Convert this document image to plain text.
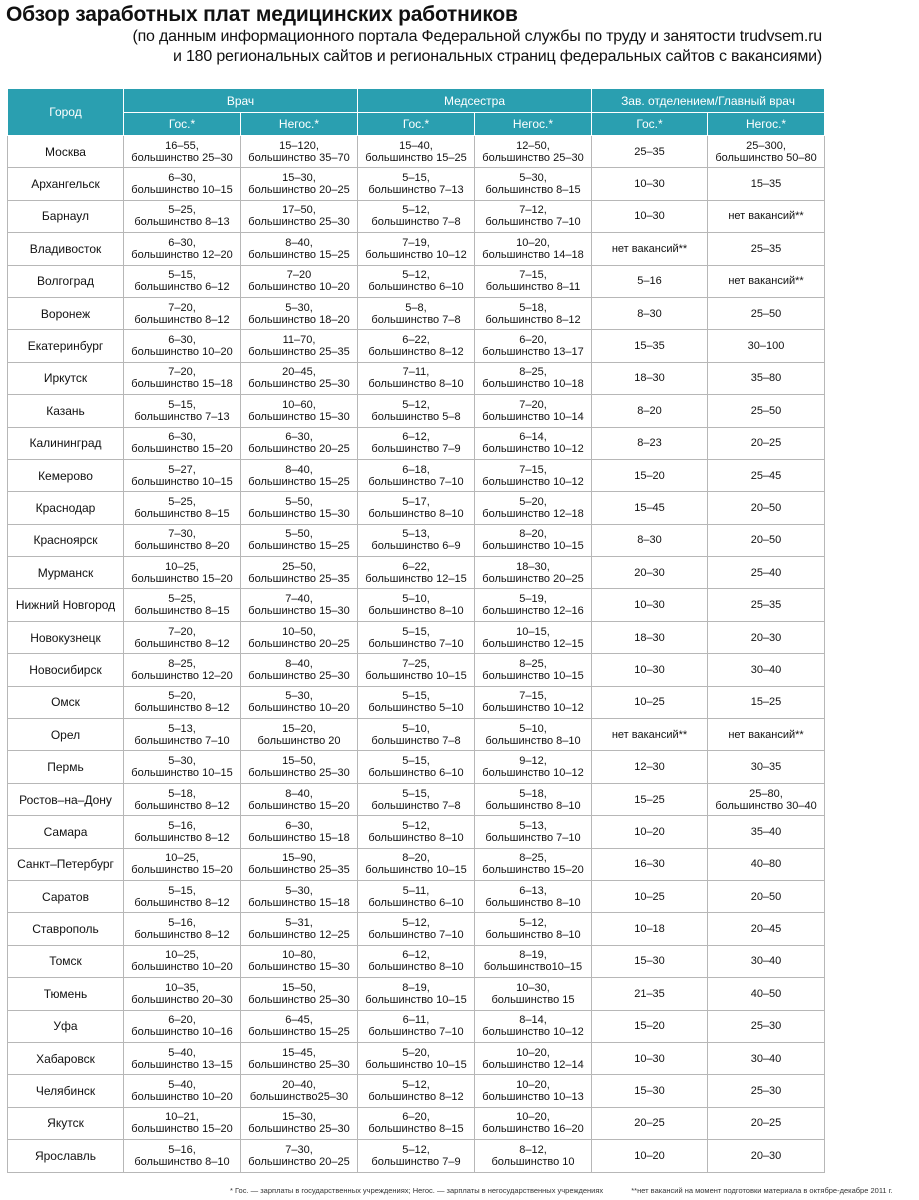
Обзор заработных плат медицинских работников
(по данным информационного портала Федеральной службы по труду и занятости trudvsem.ru
и 180 региональных сайтов и региональных страниц федеральных сайтов с вакансиями)
Город	Врач		Медсестра		Зав. отделением/Главный врач	
	Гос.*	Негос.*	Гос.*	Негос.*	Гос.*	Негос.*
Москва	16–55,
большинство 25–30	15–120,
большинство 35–70	15–40,
большинство 15–25	12–50,
большинство 25–30	25–35	25–300,
большинство 50–80

Архангельск	6–30,
большинство 10–15	15–30,
большинство 20–25	5–15,
большинство 7–13	5–30,
большинство 8–15	10–30	15–35

Барнаул	5–25,
большинство 8–13	17–50,
большинство 25–30	5–12,
большинство 7–8	7–12,
большинство 7–10	10–30	нет вакансий**

Владивосток	6–30,
большинство 12–20	8–40,
большинство 15–25	7–19,
большинство 10–12	10–20,
большинство 14–18	нет вакансий**	25–35

Волгоград	5–15,
большинство 6–12	7–20
большинство 10–20	5–12,
большинство 6–10	7–15,
большинство 8–11	5–16	нет вакансий**

Воронеж	7–20,
большинство 8–12	5–30,
большинство 18–20	5–8,
большинство 7–8	5–18,
большинство 8–12	8–30	25–50

Екатеринбург	6–30,
большинство 10–20	11–70,
большинство 25–35	6–22,
большинство 8–12	6–20,
большинство 13–17	15–35	30–100

Иркутск	7–20,
большинство 15–18	20–45,
большинство 25–30	7–11,
большинство 8–10	8–25,
большинство 10–18	18–30	35–80

Казань	5–15,
большинство 7–13	10–60,
большинство 15–30	5–12,
большинство 5–8	7–20,
большинство 10–14	8–20	25–50

Калининград	6–30,
большинство 15–20	6–30,
большинство 20–25	6–12,
большинство 7–9	6–14,
большинство 10–12	8–23	20–25

Кемерово	5–27,
большинство 10–15	8–40,
большинство 15–25	6–18,
большинство 7–10	7–15,
большинство 10–12	15–20	25–45

Краснодар	5–25,
большинство 8–15	5–50,
большинство 15–30	5–17,
большинство 8–10	5–20,
большинство 12–18	15–45	20–50

Красноярск	7–30,
большинство 8–20	5–50,
большинство 15–25	5–13,
большинство 6–9	8–20,
большинство 10–15	8–30	20–50

Мурманск	10–25,
большинство 15–20	25–50,
большинство 25–35	6–22,
большинство 12–15	18–30,
большинство 20–25	20–30	25–40

Нижний Новгород	5–25,
большинство 8–15	7–40,
большинство 15–30	5–10,
большинство 8–10	5–19,
большинство 12–16	10–30	25–35

Новокузнецк	7–20,
большинство 8–12	10–50,
большинство 20–25	5–15,
большинство 7–10	10–15,
большинство 12–15	18–30	20–30

Новосибирск	8–25,
большинство 12–20	8–40,
большинство 25–30	7–25,
большинство 10–15	8–25,
большинство 10–15	10–30	30–40

Омск	5–20,
большинство 8–12	5–30,
большинство 10–20	5–15,
большинство 5–10	7–15,
большинство 10–12	10–25	15–25

Орел	5–13,
большинство 7–10	15–20,
большинство 20	5–10,
большинство 7–8	5–10,
большинство 8–10	нет вакансий**	нет вакансий**

Пермь	5–30,
большинство 10–15	15–50,
большинство 25–30	5–15,
большинство 6–10	9–12,
большинство 10–12	12–30	30–35

Ростов–на–Дону	5–18,
большинство 8–12	8–40,
большинство 15–20	5–15,
большинство 7–8	5–18,
большинство 8–10	15–25	25–80,
большинство 30–40

Самара	5–16,
большинство 8–12	6–30,
большинство 15–18	5–12,
большинство 8–10	5–13,
большинство 7–10	10–20	35–40

Санкт–Петербург	10–25,
большинство 15–20	15–90,
большинство 25–35	8–20,
большинство 10–15	8–25,
большинство 15–20	16–30	40–80

Саратов	5–15,
большинство 8–12	5–30,
большинство 15–18	5–11,
большинство 6–10	6–13,
большинство 8–10	10–25	20–50

Ставрополь	5–16,
большинство 8–12	5–31,
большинство 12–25	5–12,
большинство 7–10	5–12,
большинство 8–10	10–18	20–45

Томск	10–25,
большинство 10–20	10–80,
большинство 15–30	6–12,
большинство 8–10	8–19,
большинство10–15	15–30	30–40

Тюмень	10–35,
большинство 20–30	15–50,
большинство 25–30	8–19,
большинство 10–15	10–30,
большинство 15	21–35	40–50

Уфа	6–20,
большинство 10–16	6–45,
большинство 15–25	6–11,
большинство 7–10	8–14,
большинство 10–12	15–20	25–30

Хабаровск	5–40,
большинство 13–15	15–45,
большинство 25–30	5–20,
большинство 10–15	10–20,
большинство 12–14	10–30	30–40

Челябинск	5–40,
большинство 10–20	20–40,
большинство25–30	5–12,
большинство 8–12	10–20,
большинство 10–13	15–30	25–30

Якутск	10–21,
большинство 15–20	15–30,
большинство 25–30	6–20,
большинство 8–15	10–20,
большинство 16–20	20–25	20–25

Ярославль	5–16,
большинство 8–10	7–30,
большинство 20–25	5–12,
большинство 7–9	8–12,
большинство 10	10–20	20–30
* Гос. — зарплаты в государственных учреждениях; Негос. — зарплаты в негосударственных учреждениях	**нет вакансий на момент подготовки материала в октябре-декабре 2011 г.
